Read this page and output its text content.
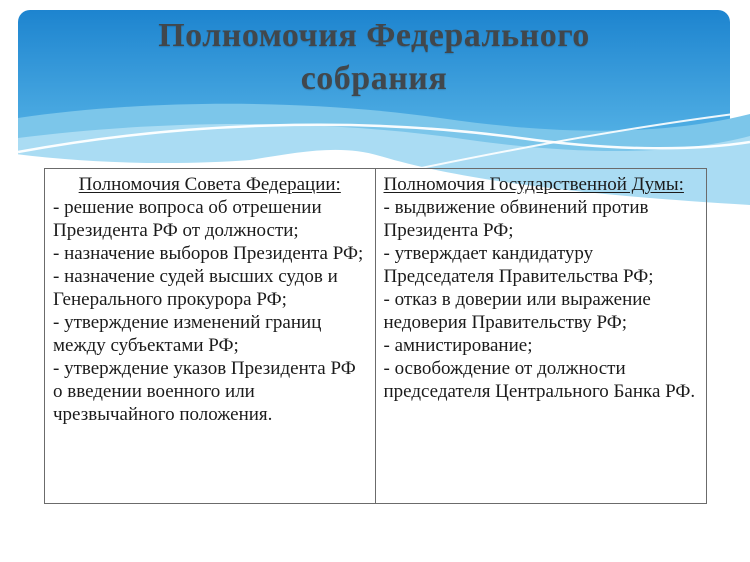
Полномочия Федерального собрания
Полномочия Совета Федерации:
- решение вопроса об отрешении Президента РФ от должности;
- назначение выборов Президента РФ;
- назначение судей высших судов и Генерального прокурора РФ;
- утверждение изменений границ между субъектами РФ;
- утверждение указов Президента РФ о введении военного или чрезвычайного положения.
Полномочия Государственной Думы:
- выдвижение обвинений против Президента РФ;
- утверждает кандидатуру Председателя Правительства РФ;
- отказ в доверии или выражение недоверия Правительству РФ;
- амнистирование;
- освобождение от должности председателя Центрального Банка РФ.
